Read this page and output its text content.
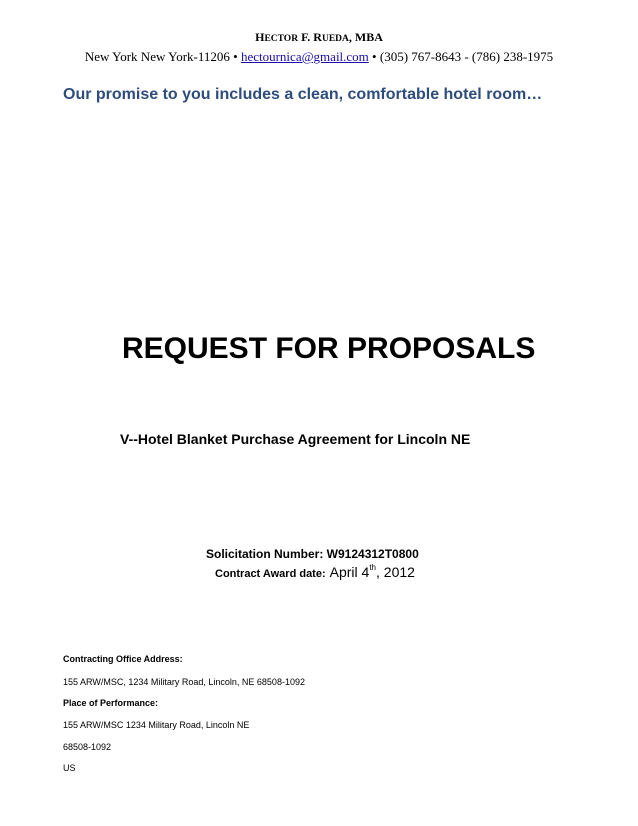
HECTOR F. RUEDA, MBA
New York New York-11206 • hectournica@gmail.com • (305) 767-8643 - (786) 238-1975
Our promise to you includes a clean, comfortable hotel room…
REQUEST FOR PROPOSALS
V--Hotel Blanket Purchase Agreement for Lincoln NE
Solicitation Number: W9124312T0800
Contract Award date: April 4th, 2012
Contracting Office Address:
155 ARW/MSC, 1234 Military Road, Lincoln, NE 68508-1092
Place of Performance:
155 ARW/MSC 1234 Military Road, Lincoln NE
68508-1092
US
